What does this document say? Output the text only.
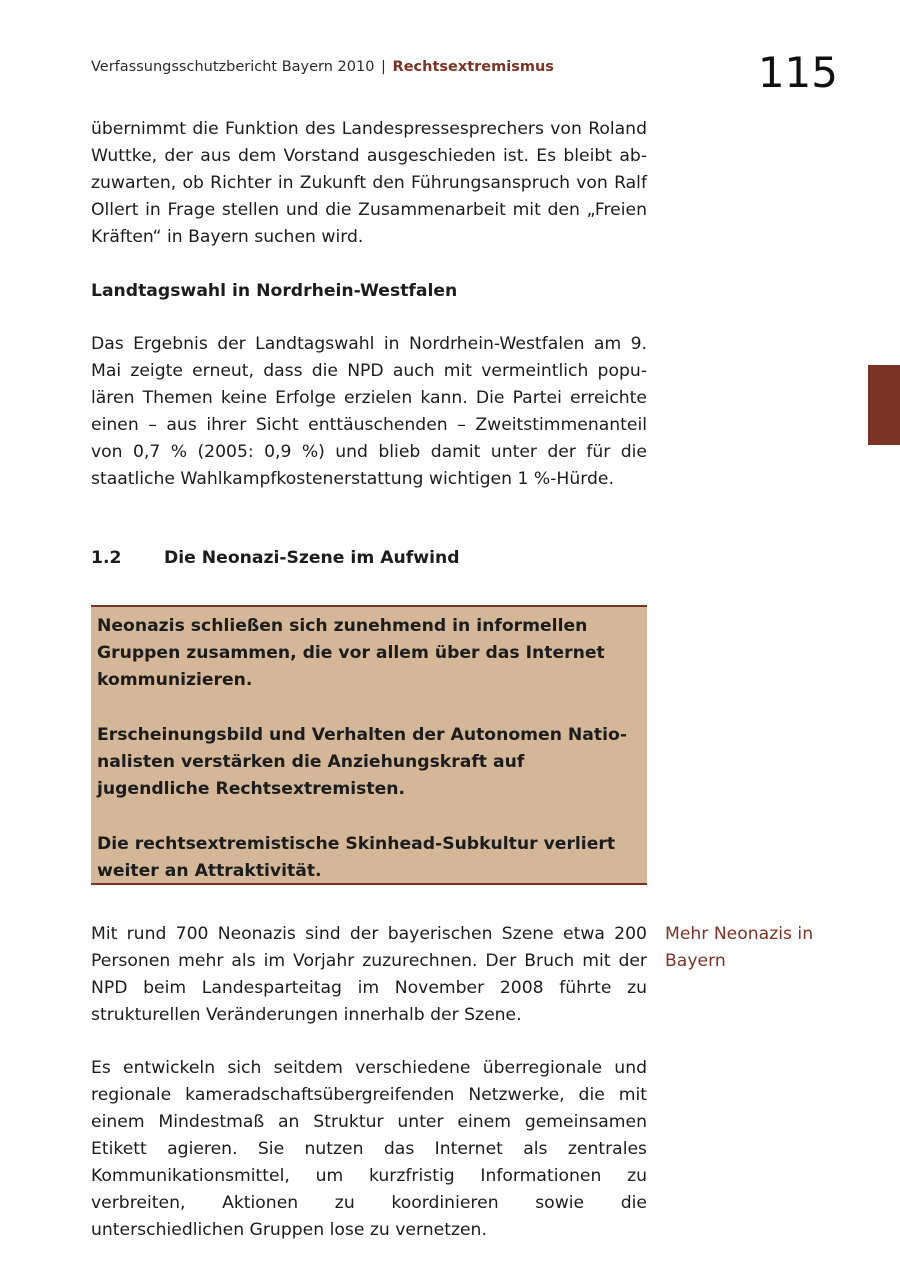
Verfassungsschutzbericht Bayern 2010 | Rechtsextremismus	115

übernimmt die Funktion des Landespressesprechers von Roland Wuttke, der aus dem Vorstand ausgeschieden ist. Es bleibt abzuwarten, ob Richter in Zukunft den Führungsanspruch von Ralf Ollert in Frage stellen und die Zusammenarbeit mit den „Freien Kräften“ in Bayern suchen wird.

Landtagswahl in Nordrhein-Westfalen

Das Ergebnis der Landtagswahl in Nordrhein-Westfalen am 9. Mai zeigte erneut, dass die NPD auch mit vermeintlich populären Themen keine Erfolge erzielen kann. Die Partei erreichte einen – aus ihrer Sicht enttäuschenden – Zweitstimmenanteil von 0,7 % (2005: 0,9 %) und blieb damit unter der für die staatliche Wahlkampfkostenerstattung wichtigen 1 %-Hürde.

1.2	Die Neonazi-Szene im Aufwind

Neonazis schließen sich zunehmend in informellen Gruppen zusammen, die vor allem über das Internet kommunizieren.

Erscheinungsbild und Verhalten der Autonomen Nationalisten verstärken die Anziehungskraft auf jugendliche Rechtsextremisten.

Die rechtsextremistische Skinhead-Subkultur verliert weiter an Attraktivität.

Mit rund 700 Neonazis sind der bayerischen Szene etwa 200 Personen mehr als im Vorjahr zuzurechnen. Der Bruch mit der NPD beim Landesparteitag im November 2008 führte zu strukturellen Veränderungen innerhalb der Szene.

Mehr Neonazis in Bayern

Es entwickeln sich seitdem verschiedene überregionale und regionale kameradschaftsübergreifenden Netzwerke, die mit einem Mindestmaß an Struktur unter einem gemeinsamen Etikett agieren. Sie nutzen das Internet als zentrales Kommunikationsmittel, um kurzfristig Informationen zu verbreiten, Aktionen zu koordinieren sowie die unterschiedlichen Gruppen lose zu vernetzen.
